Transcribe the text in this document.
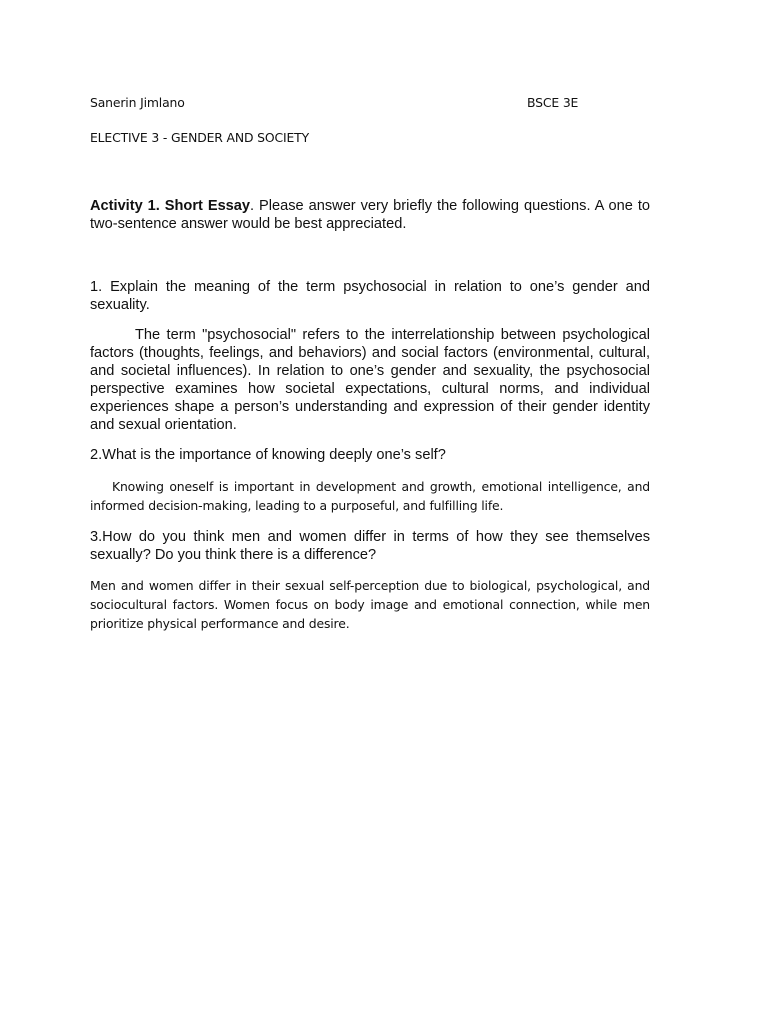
Sanerin Jimlano	BSCE 3E
ELECTIVE 3 - GENDER AND SOCIETY

Activity 1. Short Essay. Please answer very briefly the following questions. A one to two-sentence answer would be best appreciated.

1. Explain the meaning of the term psychosocial in relation to one’s gender and sexuality.

The term "psychosocial" refers to the interrelationship between psychological factors (thoughts, feelings, and behaviors) and social factors (environmental, cultural, and societal influences). In relation to one’s gender and sexuality, the psychosocial perspective examines how societal expectations, cultural norms, and individual experiences shape a person’s understanding and expression of their gender identity and sexual orientation.

2.What is the importance of knowing deeply one’s self?

Knowing oneself is important in development and growth, emotional intelligence, and informed decision-making, leading to a purposeful, and fulfilling life.

3.How do you think men and women differ in terms of how they see themselves sexually? Do you think there is a difference?

Men and women differ in their sexual self-perception due to biological, psychological, and sociocultural factors. Women focus on body image and emotional connection, while men prioritize physical performance and desire.
